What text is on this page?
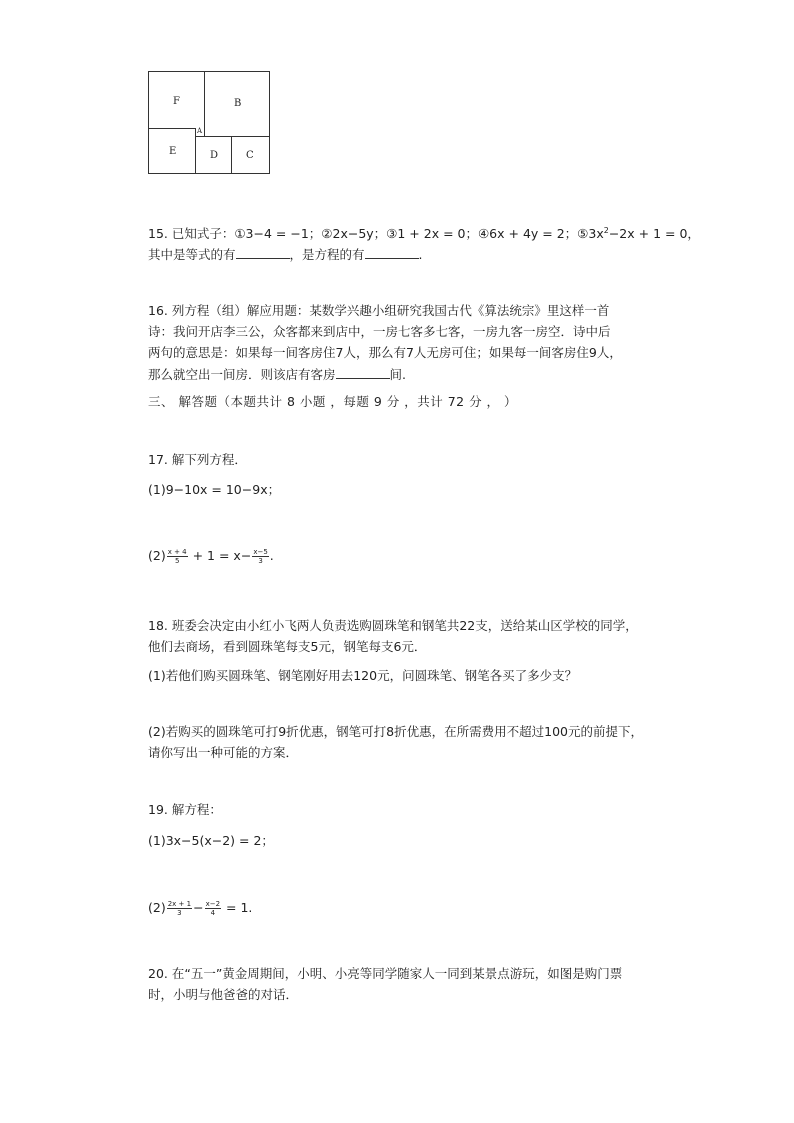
F	B
A
E	D	C
15. 已知式子：①3−4 = −1；②2x−5y；③1 + 2x = 0；④6x + 4y = 2；$⑤3x^2-2x + 1 = 0$，
其中是等式的有	，是方程的有	.
16. 列方程（组）解应用题：某数学兴趣小组研究我国古代《算法统宗》里这样一首
诗：我问开店李三公，众客都来到店中，一房七客多七客，一房九客一房空．诗中后
两句的意思是：如果每一间客房住7人，那么有7人无房可住；如果每一间客房住9人，
那么就空出一间房．则该店有客房	间.
三、 解答题（本题共计 8 小题 ，每题 9 分 ，共计 72 分 ， ）
17. 解下列方程．
(1)9−10x = 10−9x；
$(2) \frac{x + 4}{5} + 1 = x- \frac{x-5}{3}$ .
18. 班委会决定由小红小飞两人负责选购圆珠笔和钢笔共22支，送给某山区学校的同学，
他们去商场，看到圆珠笔每支5元，钢笔每支6元．
(1)若他们购买圆珠笔、钢笔刚好用去120元，问圆珠笔、钢笔各买了多少支？
(2)若购买的圆珠笔可打9折优惠，钢笔可打8折优惠，在所需费用不超过100元的前提下，
请你写出一种可能的方案．
19. 解方程：
(1)3x−5(x−2) = 2；
$(2) \frac{2x + 1}{3} - \frac{x-2}{4} = 1$.
20. 在“五一”黄金周期间，小明、小亮等同学随家人一同到某景点游玩，如图是购门票
时，小明与他爸爸的对话．
